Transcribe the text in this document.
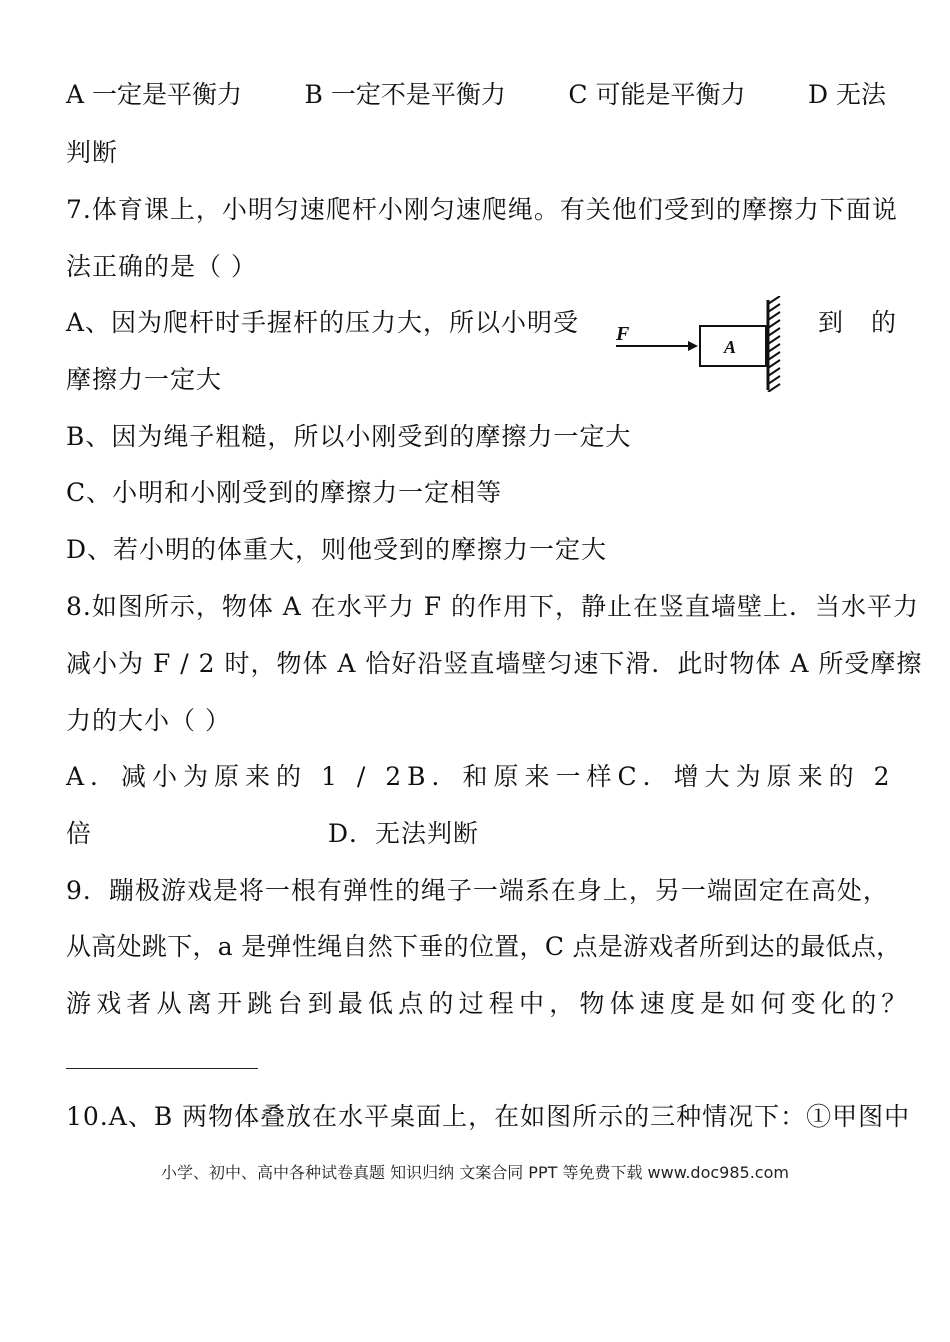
A 一定是平衡力	B 一定不是平衡力	C 可能是平衡力	D 无法
判断
7.体育课上，小明匀速爬杆小刚匀速爬绳。有关他们受到的摩擦力下面说
法正确的是（ ）
A、因为爬杆时手握杆的压力大，所以小明受 F
A
到 的
摩擦力一定大
B、因为绳子粗糙，所以小刚受到的摩擦力一定大
C、小明和小刚受到的摩擦力一定相等
D、若小明的体重大，则他受到的摩擦力一定大
8.如图所示，物体 A 在水平力 F 的作用下，静止在竖直墙壁上．当水平力
减小为 F / 2 时，物体 A 恰好沿竖直墙壁匀速下滑．此时物体 A 所受摩擦
力的大小（ ）
A．减小为原来的 1 / 2 B．和原来一样 C．增大为原来的 2
倍	D．无法判断
9．蹦极游戏是将一根有弹性的绳子一端系在身上，另一端固定在高处，
从高处跳下，a 是弹性绳自然下垂的位置，C 点是游戏者所到达的最低点，
游戏者从离开跳台到最低点的过程中，物体速度是如何变化的？
10.A、B 两物体叠放在水平桌面上，在如图所示的三种情况下：①甲图中
小学、初中、高中各种试卷真题 知识归纳 文案合同 PPT 等免费下载 www.doc985.com
